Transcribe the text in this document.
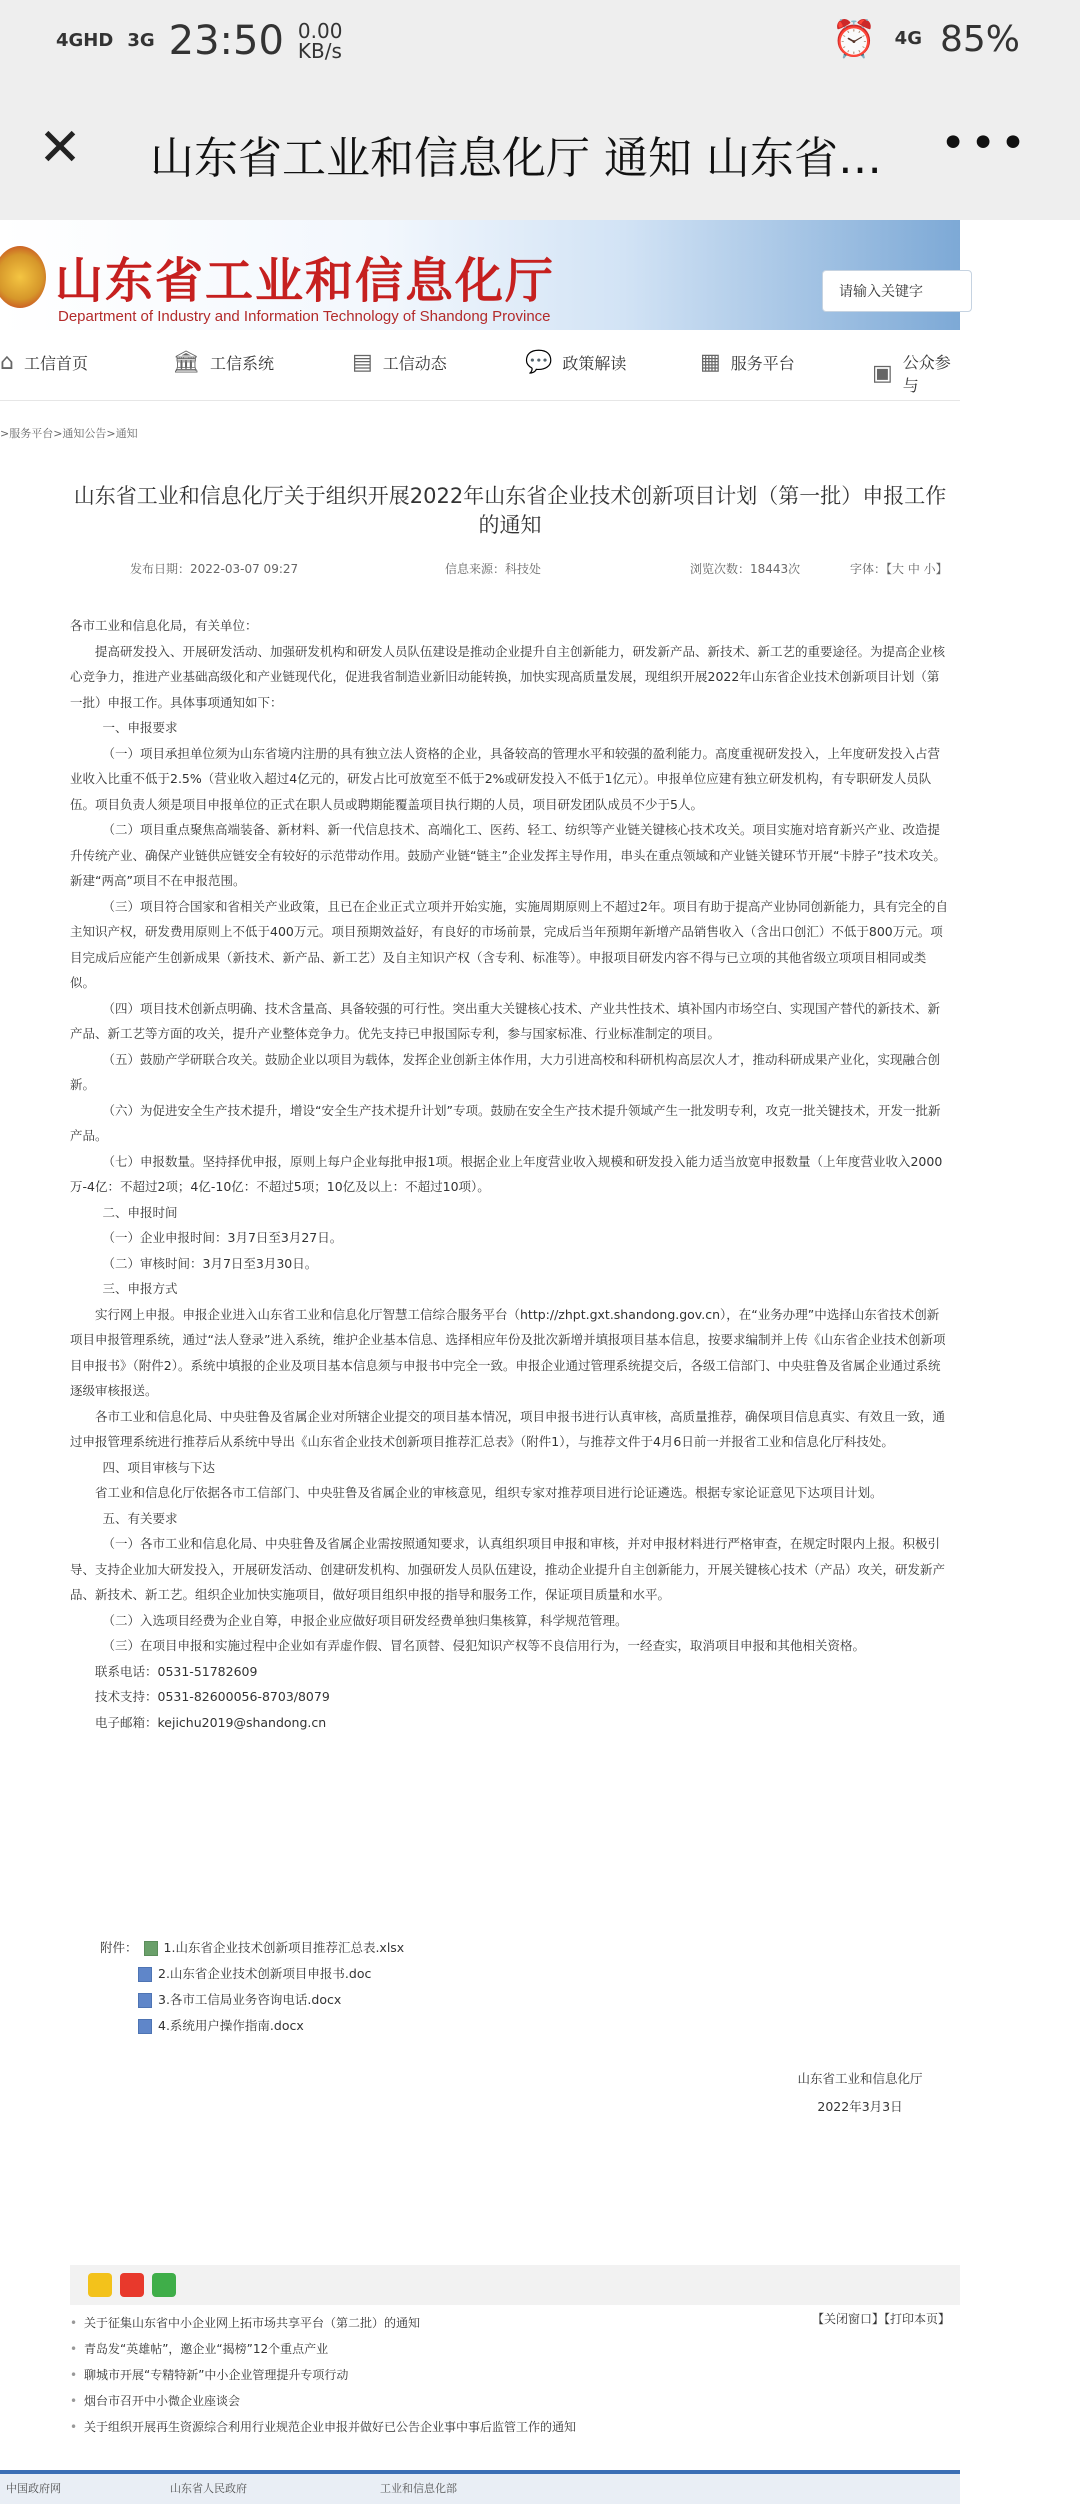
4GHD 3G 23:50 0.00
KB/s	⏰ 4G 85%
✕ 山东省工业和信息化厅 通知 山东省…	•••
山东省工业和信息化厅
Department of Industry and Information Technology of Shandong Province
请输入关键字
⌂ 工信首页	🏛 工信系统	▤ 工信动态	💬 政策解读	▦ 服务平台	▣ 公众参与
>服务平台>通知公告>通知
山东省工业和信息化厅关于组织开展2022年山东省企业技术创新项目计划（第一批）申报工作的通知
发布日期：2022-03-07 09:27	信息来源：科技处	浏览次数：18443次	字体：【大 中 小】

各市工业和信息化局，有关单位：

提高研发投入、开展研发活动、加强研发机构和研发人员队伍建设是推动企业提升自主创新能力，研发新产品、新技术、新工艺的重要途径。为提高企业核心竞争力，推进产业基础高级化和产业链现代化，促进我省制造业新旧动能转换，加快实现高质量发展，现组织开展2022年山东省企业技术创新项目计划（第一批）申报工作。具体事项通知如下：

一、申报要求

（一）项目承担单位须为山东省境内注册的具有独立法人资格的企业，具备较高的管理水平和较强的盈利能力。高度重视研发投入，上年度研发投入占营业收入比重不低于2.5%（营业收入超过4亿元的，研发占比可放宽至不低于2%或研发投入不低于1亿元）。申报单位应建有独立研发机构，有专职研发人员队伍。项目负责人须是项目申报单位的正式在职人员或聘期能覆盖项目执行期的人员，项目研发团队成员不少于5人。

（二）项目重点聚焦高端装备、新材料、新一代信息技术、高端化工、医药、轻工、纺织等产业链关键核心技术攻关。项目实施对培育新兴产业、改造提升传统产业、确保产业链供应链安全有较好的示范带动作用。鼓励产业链“链主”企业发挥主导作用，串头在重点领域和产业链关键环节开展“卡脖子”技术攻关。新建“两高”项目不在申报范围。

（三）项目符合国家和省相关产业政策，且已在企业正式立项并开始实施，实施周期原则上不超过2年。项目有助于提高产业协同创新能力，具有完全的自主知识产权，研发费用原则上不低于400万元。项目预期效益好，有良好的市场前景，完成后当年预期年新增产品销售收入（含出口创汇）不低于800万元。项目完成后应能产生创新成果（新技术、新产品、新工艺）及自主知识产权（含专利、标准等）。申报项目研发内容不得与已立项的其他省级立项项目相同或类似。

（四）项目技术创新点明确、技术含量高、具备较强的可行性。突出重大关键核心技术、产业共性技术、填补国内市场空白、实现国产替代的新技术、新产品、新工艺等方面的攻关，提升产业整体竞争力。优先支持已申报国际专利，参与国家标准、行业标准制定的项目。

（五）鼓励产学研联合攻关。鼓励企业以项目为载体，发挥企业创新主体作用，大力引进高校和科研机构高层次人才，推动科研成果产业化，实现融合创新。

（六）为促进安全生产技术提升，增设“安全生产技术提升计划”专项。鼓励在安全生产技术提升领域产生一批发明专利，攻克一批关键技术，开发一批新产品。

（七）申报数量。坚持择优申报，原则上每户企业每批申报1项。根据企业上年度营业收入规模和研发投入能力适当放宽申报数量（上年度营业收入2000万-4亿：不超过2项；4亿-10亿：不超过5项；10亿及以上：不超过10项）。

二、申报时间

（一）企业申报时间：3月7日至3月27日。

（二）审核时间：3月7日至3月30日。

三、申报方式

实行网上申报。申报企业进入山东省工业和信息化厅智慧工信综合服务平台（http://zhpt.gxt.shandong.gov.cn），在“业务办理”中选择山东省技术创新项目申报管理系统，通过“法人登录”进入系统，维护企业基本信息、选择相应年份及批次新增并填报项目基本信息，按要求编制并上传《山东省企业技术创新项目申报书》（附件2）。系统中填报的企业及项目基本信息须与申报书中完全一致。申报企业通过管理系统提交后，各级工信部门、中央驻鲁及省属企业通过系统逐级审核报送。

各市工业和信息化局、中央驻鲁及省属企业对所辖企业提交的项目基本情况，项目申报书进行认真审核，高质量推荐，确保项目信息真实、有效且一致，通过申报管理系统进行推荐后从系统中导出《山东省企业技术创新项目推荐汇总表》（附件1），与推荐文件于4月6日前一并报省工业和信息化厅科技处。

四、项目审核与下达

省工业和信息化厅依据各市工信部门、中央驻鲁及省属企业的审核意见，组织专家对推荐项目进行论证遴选。根据专家论证意见下达项目计划。

五、有关要求

（一）各市工业和信息化局、中央驻鲁及省属企业需按照通知要求，认真组织项目申报和审核，并对申报材料进行严格审查，在规定时限内上报。积极引导、支持企业加大研发投入，开展研发活动、创建研发机构、加强研发人员队伍建设，推动企业提升自主创新能力，开展关键核心技术（产品）攻关，研发新产品、新技术、新工艺。组织企业加快实施项目，做好项目组织申报的指导和服务工作，保证项目质量和水平。

（二）入选项目经费为企业自筹，申报企业应做好项目研发经费单独归集核算，科学规范管理。

（三）在项目申报和实施过程中企业如有弄虚作假、冒名顶替、侵犯知识产权等不良信用行为，一经查实，取消项目申报和其他相关资格。

联系电话：0531-51782609

技术支持：0531-82600056-8703/8079

电子邮箱：kejichu2019@shandong.cn

附件： 1.山东省企业技术创新项目推荐汇总表.xlsx
2.山东省企业技术创新项目申报书.doc
3.各市工信局业务咨询电话.docx
4.系统用户操作指南.docx
山东省工业和信息化厅
2022年3月3日
• 关于征集山东省中小企业网上拓市场共享平台（第二批）的通知
• 青岛发“英雄帖”，邀企业“揭榜”12个重点产业
• 聊城市开展“专精特新”中小企业管理提升专项行动
• 烟台市召开中小微企业座谈会
• 关于组织开展再生资源综合利用行业规范企业申报并做好已公告企业事中事后监管工作的通知
【关闭窗口】【打印本页】
中国政府网	山东省人民政府	工业和信息化部
